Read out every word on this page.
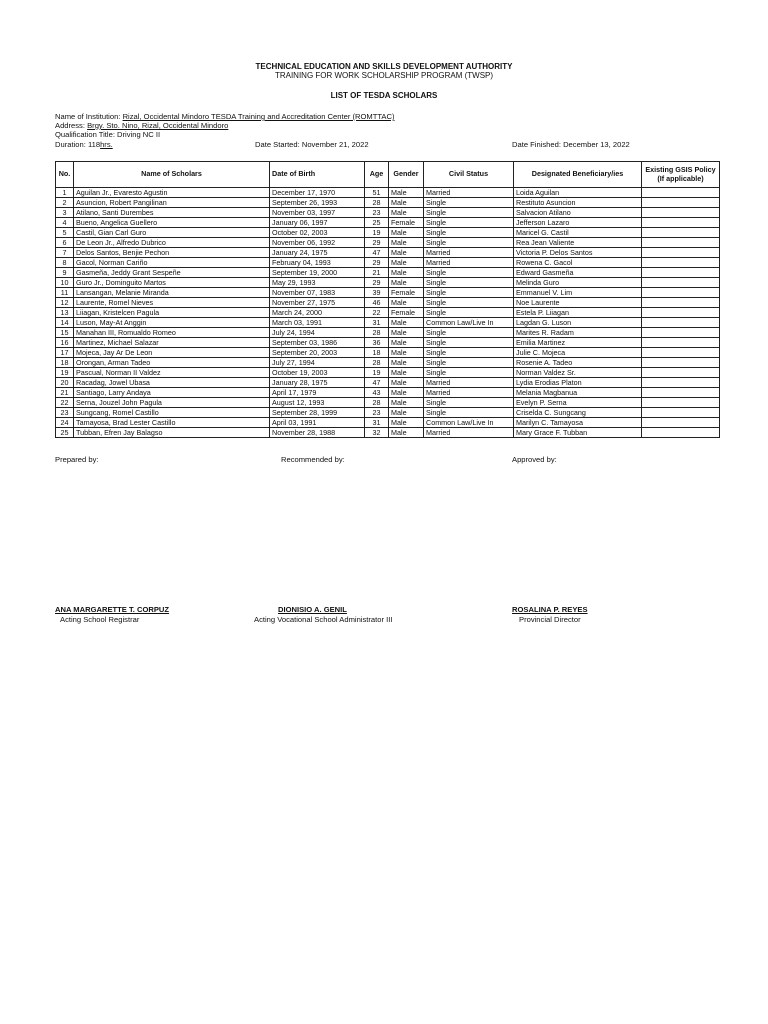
TECHNICAL EDUCATION AND SKILLS DEVELOPMENT AUTHORITY
TRAINING FOR WORK SCHOLARSHIP PROGRAM (TWSP)
LIST OF TESDA SCHOLARS
Name of Institution: Rizal, Occidental Mindoro TESDA Training and Accreditation Center (ROMTTAC)
Address: Brgy. Sto. Nino, Rizal, Occidental Mindoro
Qualification Title: Driving NC II
Duration: 118hrs.	Date Started: November 21, 2022	Date Finished: December 13, 2022
No.	Name of Scholars	Date of Birth	Age	Gender	Civil Status	Designated Beneficiary/ies	Existing GSIS Policy (If applicable)
1	Aguilan Jr., Evaresto Agustin	December 17, 1970	51	Male	Married	Loida Aguilan	
2	Asuncion, Robert Pangilinan	September 26, 1993	28	Male	Single	Restituto Asuncion	
3	Atilano, Santi Durembes	November 03, 1997	23	Male	Single	Salvacion Atilano	
4	Bueno, Angelica Guellero	January 06, 1997	25	Female	Single	Jefferson Lazaro	
5	Castil, Gian Carl Guro	October 02, 2003	19	Male	Single	Maricel G. Castil	
6	De Leon Jr., Alfredo Dubrico	November 06, 1992	29	Male	Single	Rea Jean Valiente	
7	Delos Santos, Benjie Pechon	January 24, 1975	47	Male	Married	Victoria P. Delos Santos	
8	Gacol, Norman Cariño	February 04, 1993	29	Male	Married	Rowena C. Gacol	
9	Gasmeña, Jeddy Grant Sespeñe	September 19, 2000	21	Male	Single	Edward Gasmeña	
10	Guro Jr., Dominguito Martos	May 29, 1993	29	Male	Single	Melinda Guro	
11	Lansangan, Melanie Miranda	November 07, 1983	39	Female	Single	Emmanuel V. Lim	
12	Laurente, Romel Nieves	November 27, 1975	46	Male	Single	Noe Laurente	
13	Liiagan, Kristelcen Pagula	March 24, 2000	22	Female	Single	Estela P. Liiagan	
14	Luson, May-At Anggin	March 03, 1991	31	Male	Common Law/Live In	Lagdan G. Luson	
15	Manahan III, Romualdo Romeo	July 24, 1994	28	Male	Single	Marites R. Radam	
16	Martinez, Michael Salazar	September 03, 1986	36	Male	Single	Emilia Martinez	
17	Mojeca, Jay Ar De Leon	September 20, 2003	18	Male	Single	Julie C. Mojeca	
18	Orongan, Arman Tadeo	July 27, 1994	28	Male	Single	Rosenie A. Tadeo	
19	Pascual, Norman II Valdez	October 19, 2003	19	Male	Single	Norman Valdez Sr.	
20	Racadag, Jowel Ubasa	January 28, 1975	47	Male	Married	Lydia Erodias Platon	
21	Santiago, Larry Andaya	April 17, 1979	43	Male	Married	Melania Magbanua	
22	Serna, Jouzel John Pagula	August 12, 1993	28	Male	Single	Evelyn P. Serna	
23	Sungcang, Romel Castillo	September 28, 1999	23	Male	Single	Criselda C. Sungcang	
24	Tamayosa, Brad Lester Castillo	April 03, 1991	31	Male	Common Law/Live In	Marilyn C. Tamayosa	
25	Tubban, Efren Jay Balagso	November 28, 1988	32	Male	Married	Mary Grace F. Tubban	
Prepared by:	Recommended by:	Approved by:
ANA MARGARETTE T. CORPUZ
Acting School Registrar
DIONISIO A. GENIL
Acting Vocational School Administrator III
ROSALINA P. REYES
Provincial Director
